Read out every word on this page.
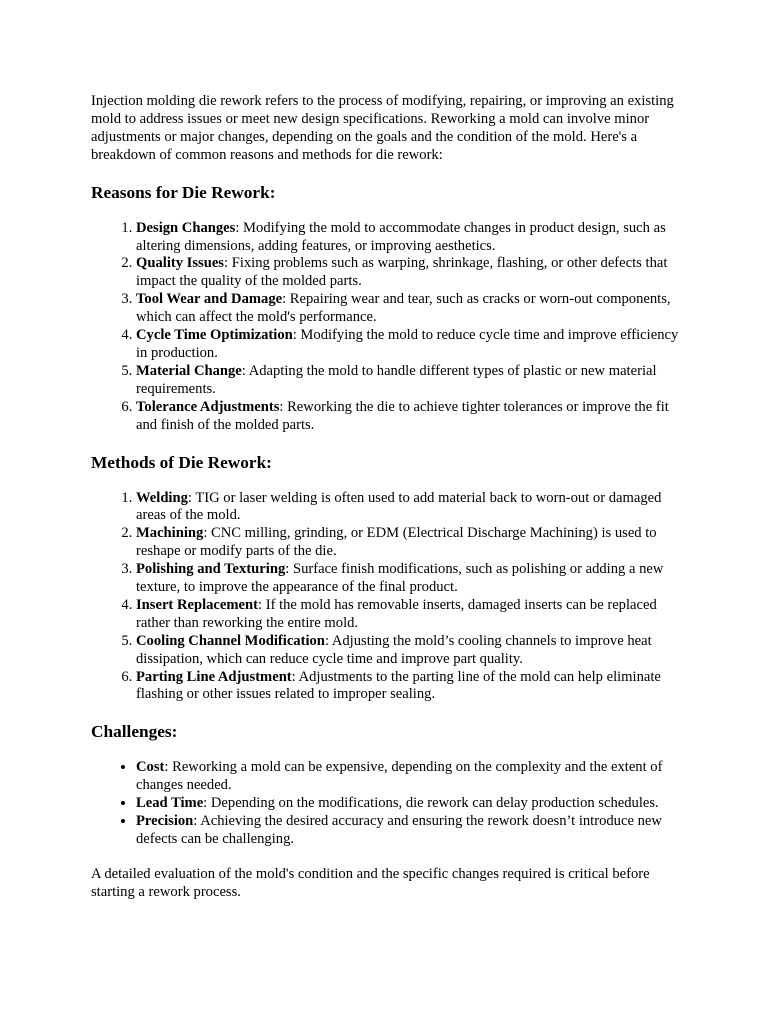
Injection molding die rework refers to the process of modifying, repairing, or improving an existing mold to address issues or meet new design specifications. Reworking a mold can involve minor adjustments or major changes, depending on the goals and the condition of the mold. Here's a breakdown of common reasons and methods for die rework:

Reasons for Die Rework:
1. Design Changes: Modifying the mold to accommodate changes in product design, such as altering dimensions, adding features, or improving aesthetics.
2. Quality Issues: Fixing problems such as warping, shrinkage, flashing, or other defects that impact the quality of the molded parts.
3. Tool Wear and Damage: Repairing wear and tear, such as cracks or worn-out components, which can affect the mold's performance.
4. Cycle Time Optimization: Modifying the mold to reduce cycle time and improve efficiency in production.
5. Material Change: Adapting the mold to handle different types of plastic or new material requirements.
6. Tolerance Adjustments: Reworking the die to achieve tighter tolerances or improve the fit and finish of the molded parts.
Methods of Die Rework:
1. Welding: TIG or laser welding is often used to add material back to worn-out or damaged areas of the mold.
2. Machining: CNC milling, grinding, or EDM (Electrical Discharge Machining) is used to reshape or modify parts of the die.
3. Polishing and Texturing: Surface finish modifications, such as polishing or adding a new texture, to improve the appearance of the final product.
4. Insert Replacement: If the mold has removable inserts, damaged inserts can be replaced rather than reworking the entire mold.
5. Cooling Channel Modification: Adjusting the mold’s cooling channels to improve heat dissipation, which can reduce cycle time and improve part quality.
6. Parting Line Adjustment: Adjustments to the parting line of the mold can help eliminate flashing or other issues related to improper sealing.
Challenges:
• Cost: Reworking a mold can be expensive, depending on the complexity and the extent of changes needed.
• Lead Time: Depending on the modifications, die rework can delay production schedules.
• Precision: Achieving the desired accuracy and ensuring the rework doesn’t introduce new defects can be challenging.

A detailed evaluation of the mold's condition and the specific changes required is critical before starting a rework process.
